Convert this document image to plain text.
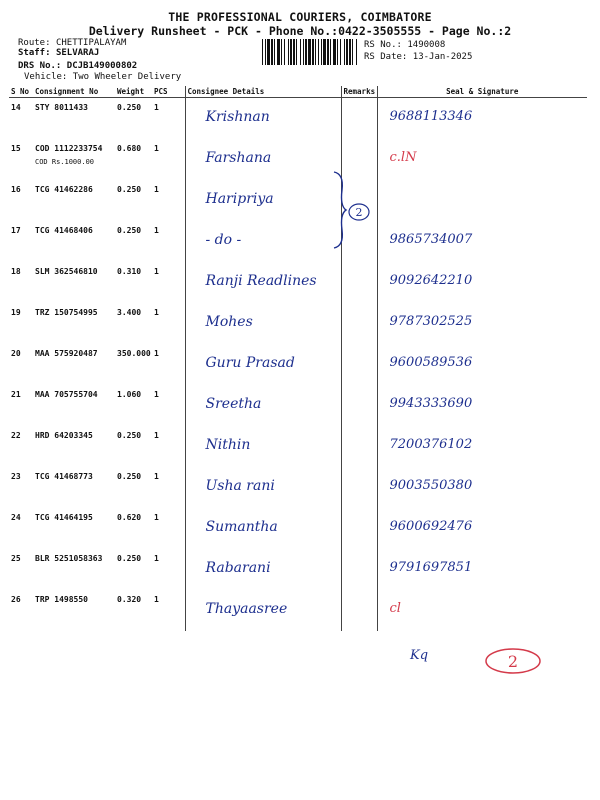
THE PROFESSIONAL COURIERS, COIMBATORE
Delivery Runsheet - PCK - Phone No.:0422-3505555 - Page No.:2
Route: CHETTIPALAYAM
Staff: SELVARAJ
DRS No.: DCJB149000802
Vehicle: Two Wheeler Delivery
RS No.: 1490008
RS Date: 13-Jan-2025
S No	Consignment No	Weight	PCS	Consignee Details	Remarks	Seal & Signature
14	STY 8011433	0.250	1	Krishnan		9688113346

15	COD 1112233754
COD Rs.1000.00	0.680	1	Farshana		c.lN

16	TCG 41462286	0.250	1	Haripriya		

17	TCG 41468406	0.250	1	- do -		9865734007

18	SLM 362546810	0.310	1	Ranji Readlines		9092642210

19	TRZ 150754995	3.400	1	Mohes		9787302525

20	MAA 575920487	350.000	1	Guru Prasad		9600589536

21	MAA 705755704	1.060	1	Sreetha		9943333690

22	HRD 64203345	0.250	1	Nithin		7200376102

23	TCG 41468773	0.250	1	Usha rani		9003550380

24	TCG 41464195	0.620	1	Sumantha		9600692476

25	BLR 5251058363	0.250	1	Rabarani		9791697851

26	TRP 1498550	0.320	1	Thayaasree		cl
2
Kq	2
